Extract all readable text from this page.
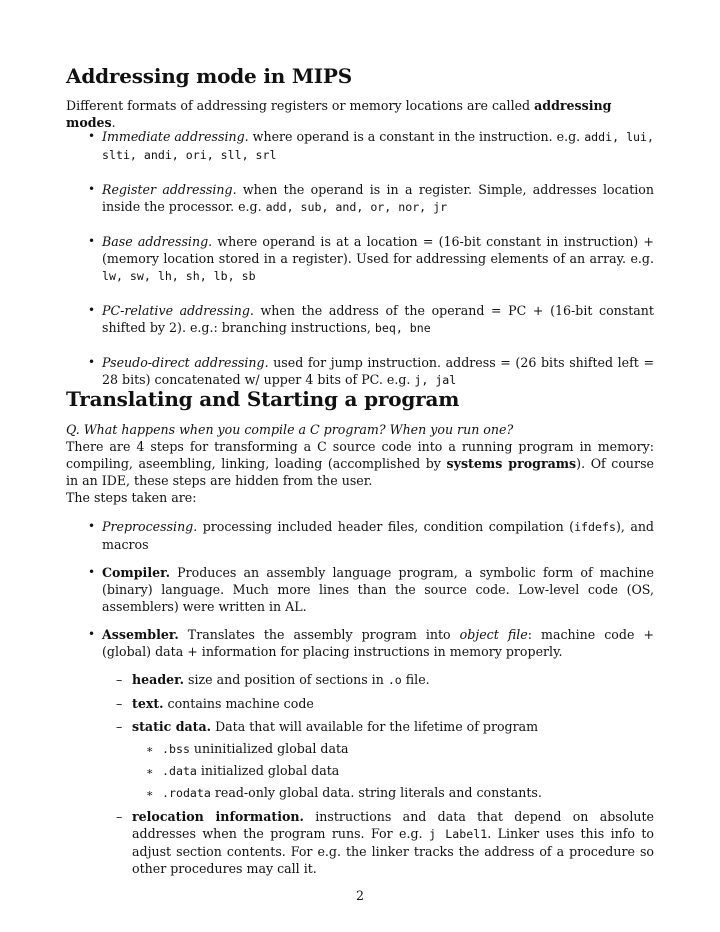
Addressing mode in MIPS

Different formats of addressing registers or memory locations are called addressing modes.

• Immediate addressing. where operand is a constant in the instruction. e.g. addi, lui, slti, andi, ori, sll, srl
• Register addressing. when the operand is in a register. Simple, addresses location inside the processor. e.g. add, sub, and, or, nor, jr
• Base addressing. where operand is at a location = (16-bit constant in instruction) + (memory location stored in a register). Used for addressing elements of an array. e.g. lw, sw, lh, sh, lb, sb
• PC-relative addressing. when the address of the operand = PC + (16-bit constant shifted by 2). e.g.: branching instructions, beq, bne
• Pseudo-direct addressing. used for jump instruction. address = (26 bits shifted left = 28 bits) concatenated w/ upper 4 bits of PC. e.g. j, jal
Translating and Starting a program

Q. What happens when you compile a C program? When you run one?

There are 4 steps for transforming a C source code into a running program in memory: compiling, aseembling, linking, loading (accomplished by systems programs). Of course in an IDE, these steps are hidden from the user.

The steps taken are:

• Preprocessing. processing included header files, condition compilation (ifdefs), and macros
• Compiler. Produces an assembly language program, a symbolic form of machine (binary) language. Much more lines than the source code. Low-level code (OS, assemblers) were written in AL.
• Assembler. Translates the assembly program into object file: machine code + (global) data + information for placing instructions in memory properly.
– header. size and position of sections in .o file.
– text. contains machine code
– static data. Data that will available for the lifetime of program
∗ .bss uninitialized global data
∗ .data initialized global data
∗ .rodata read-only global data. string literals and constants.
– relocation information. instructions and data that depend on absolute addresses when the program runs. For e.g. j Label1. Linker uses this info to adjust section contents. For e.g. the linker tracks the address of a procedure so other procedures may call it.
2
